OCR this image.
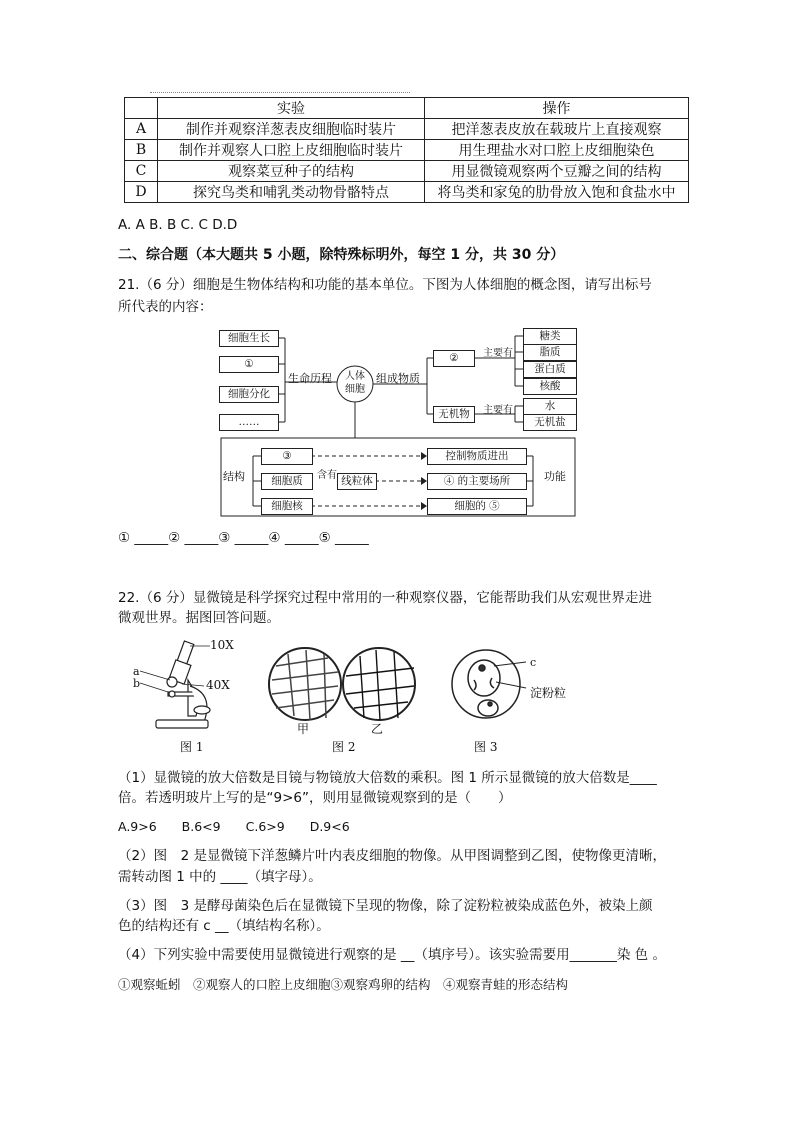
	实验	操作
A	制作并观察洋葱表皮细胞临时装片	把洋葱表皮放在载玻片上直接观察
B	制作并观察人口腔上皮细胞临时装片	用生理盐水对口腔上皮细胞染色
C	观察菜豆种子的结构	用显微镜观察两个豆瓣之间的结构
D	探究鸟类和哺乳类动物骨骼特点	将鸟类和家兔的肋骨放入饱和食盐水中
A. A B. B C. C D.D
二、综合题（本大题共 5 小题，除特殊标明外，每空 1 分，共 30 分）
21.（6 分）细胞是生物体结构和功能的基本单位。下图为人体细胞的概念图，请写出标号
所代表的内容：
细胞生长
①
细胞分化
……
生命历程 人体
细胞
组成物质
②
无机物
主要有
主要有
糖类
脂质
蛋白质
核酸
水
无机盐
结构	功能
③
细胞质
细胞核
含有 线粒体
控制物质进出
④ 的主要场所
细胞的 ⑤
① _____② _____③ _____④ _____⑤ _____
22.（6 分）显微镜是科学探究过程中常用的一种观察仪器，它能帮助我们从宏观世界走进
微观世界。据图回答问题。
10X
40X
a
b
图 1
甲	乙
图 2
c
淀粉粒
图 3
（1）显微镜的放大倍数是目镜与物镜放大倍数的乘积。图 1 所示显微镜的放大倍数是____
倍。若透明玻片上写的是“9>6”，则用显微镜观察到的是（　　）
A.9>6　　B.6<9　　C.6>9　　D.9<6
（2）图　2 是显微镜下洋葱鳞片叶内表皮细胞的物像。从甲图调整到乙图，使物像更清晰，
需转动图 1 中的 ____（填字母）。
（3）图　3 是酵母菌染色后在显微镜下呈现的物像，除了淀粉粒被染成蓝色外，被染上颜
色的结构还有 c __（填结构名称）。
（4）下列实验中需要使用显微镜进行观察的是 __（填序号）。该实验需要用_______染 色 。
①观察蚯蚓　②观察人的口腔上皮细胞③观察鸡卵的结构　④观察青蛙的形态结构
